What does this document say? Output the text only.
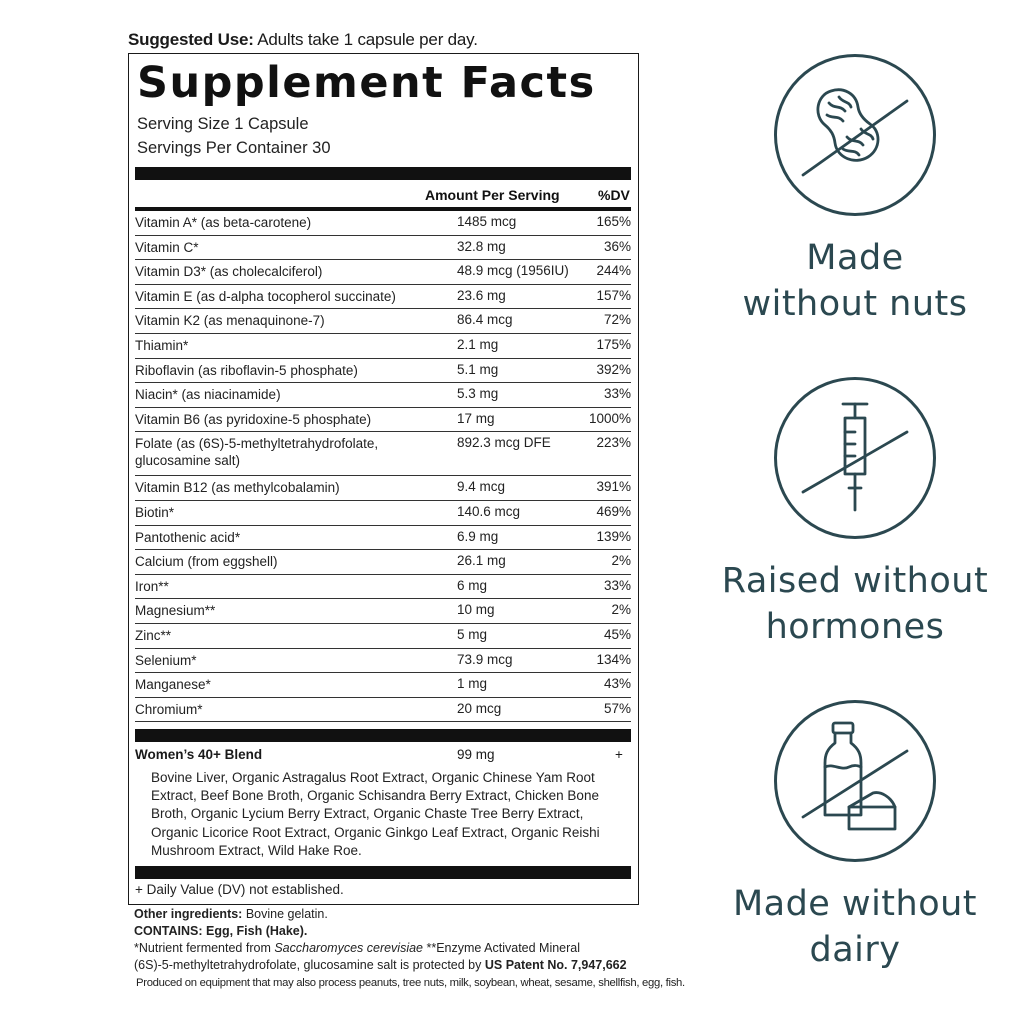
Suggested Use: Adults take 1 capsule per day.
Supplement Facts
Serving Size 1 Capsule
Servings Per Container 30
Amount Per Serving	%DV
Vitamin A* (as beta-carotene)	1485 mcg	165%
Vitamin C*	32.8 mg	36%
Vitamin D3* (as cholecalciferol)	48.9 mcg (1956IU) 244%
Vitamin E (as d-alpha tocopherol succinate)	23.6 mg	157%
Vitamin K2 (as menaquinone-7)	86.4 mcg	72%
Thiamin*	2.1 mg	175%
Riboflavin (as riboflavin-5 phosphate)	5.1 mg	392%
Niacin* (as niacinamide)	5.3 mg	33%
Vitamin B6 (as pyridoxine-5 phosphate)	17 mg	1000%
Folate (as (6S)-5-methyltetrahydrofolate, glucosamine salt)
892.3 mcg DFE	223%
Vitamin B12 (as methylcobalamin)	9.4 mcg	391%
Biotin*	140.6 mcg	469%
Pantothenic acid*	6.9 mg	139%
Calcium (from eggshell)	26.1 mg	2%
Iron**	6 mg	33%
Magnesium**	10 mg	2%
Zinc**	5 mg	45%
Selenium*	73.9 mcg	134%
Manganese*	1 mg	43%
Chromium*	20 mcg	57%
Women’s 40+ Blend	99 mg	+
Bovine Liver, Organic Astragalus Root Extract, Organic Chinese Yam Root Extract, Beef Bone Broth, Organic Schisandra Berry Extract, Chicken Bone Broth, Organic Lycium Berry Extract, Organic Chaste Tree Berry Extract, Organic Licorice Root Extract, Organic Ginkgo Leaf Extract, Organic Reishi Mushroom Extract, Wild Hake Roe.
+ Daily Value (DV) not established.
Other ingredients: Bovine gelatin.
CONTAINS: Egg, Fish (Hake).
*Nutrient fermented from Saccharomyces cerevisiae **Enzyme Activated Mineral
(6S)-5-methyltetrahydrofolate, glucosamine salt is protected by US Patent No. 7,947,662
Produced on equipment that may also process peanuts, tree nuts, milk, soybean, wheat, sesame, shellfish, egg, fish.
Made
without nuts
Raised without
hormones
Made without
dairy
